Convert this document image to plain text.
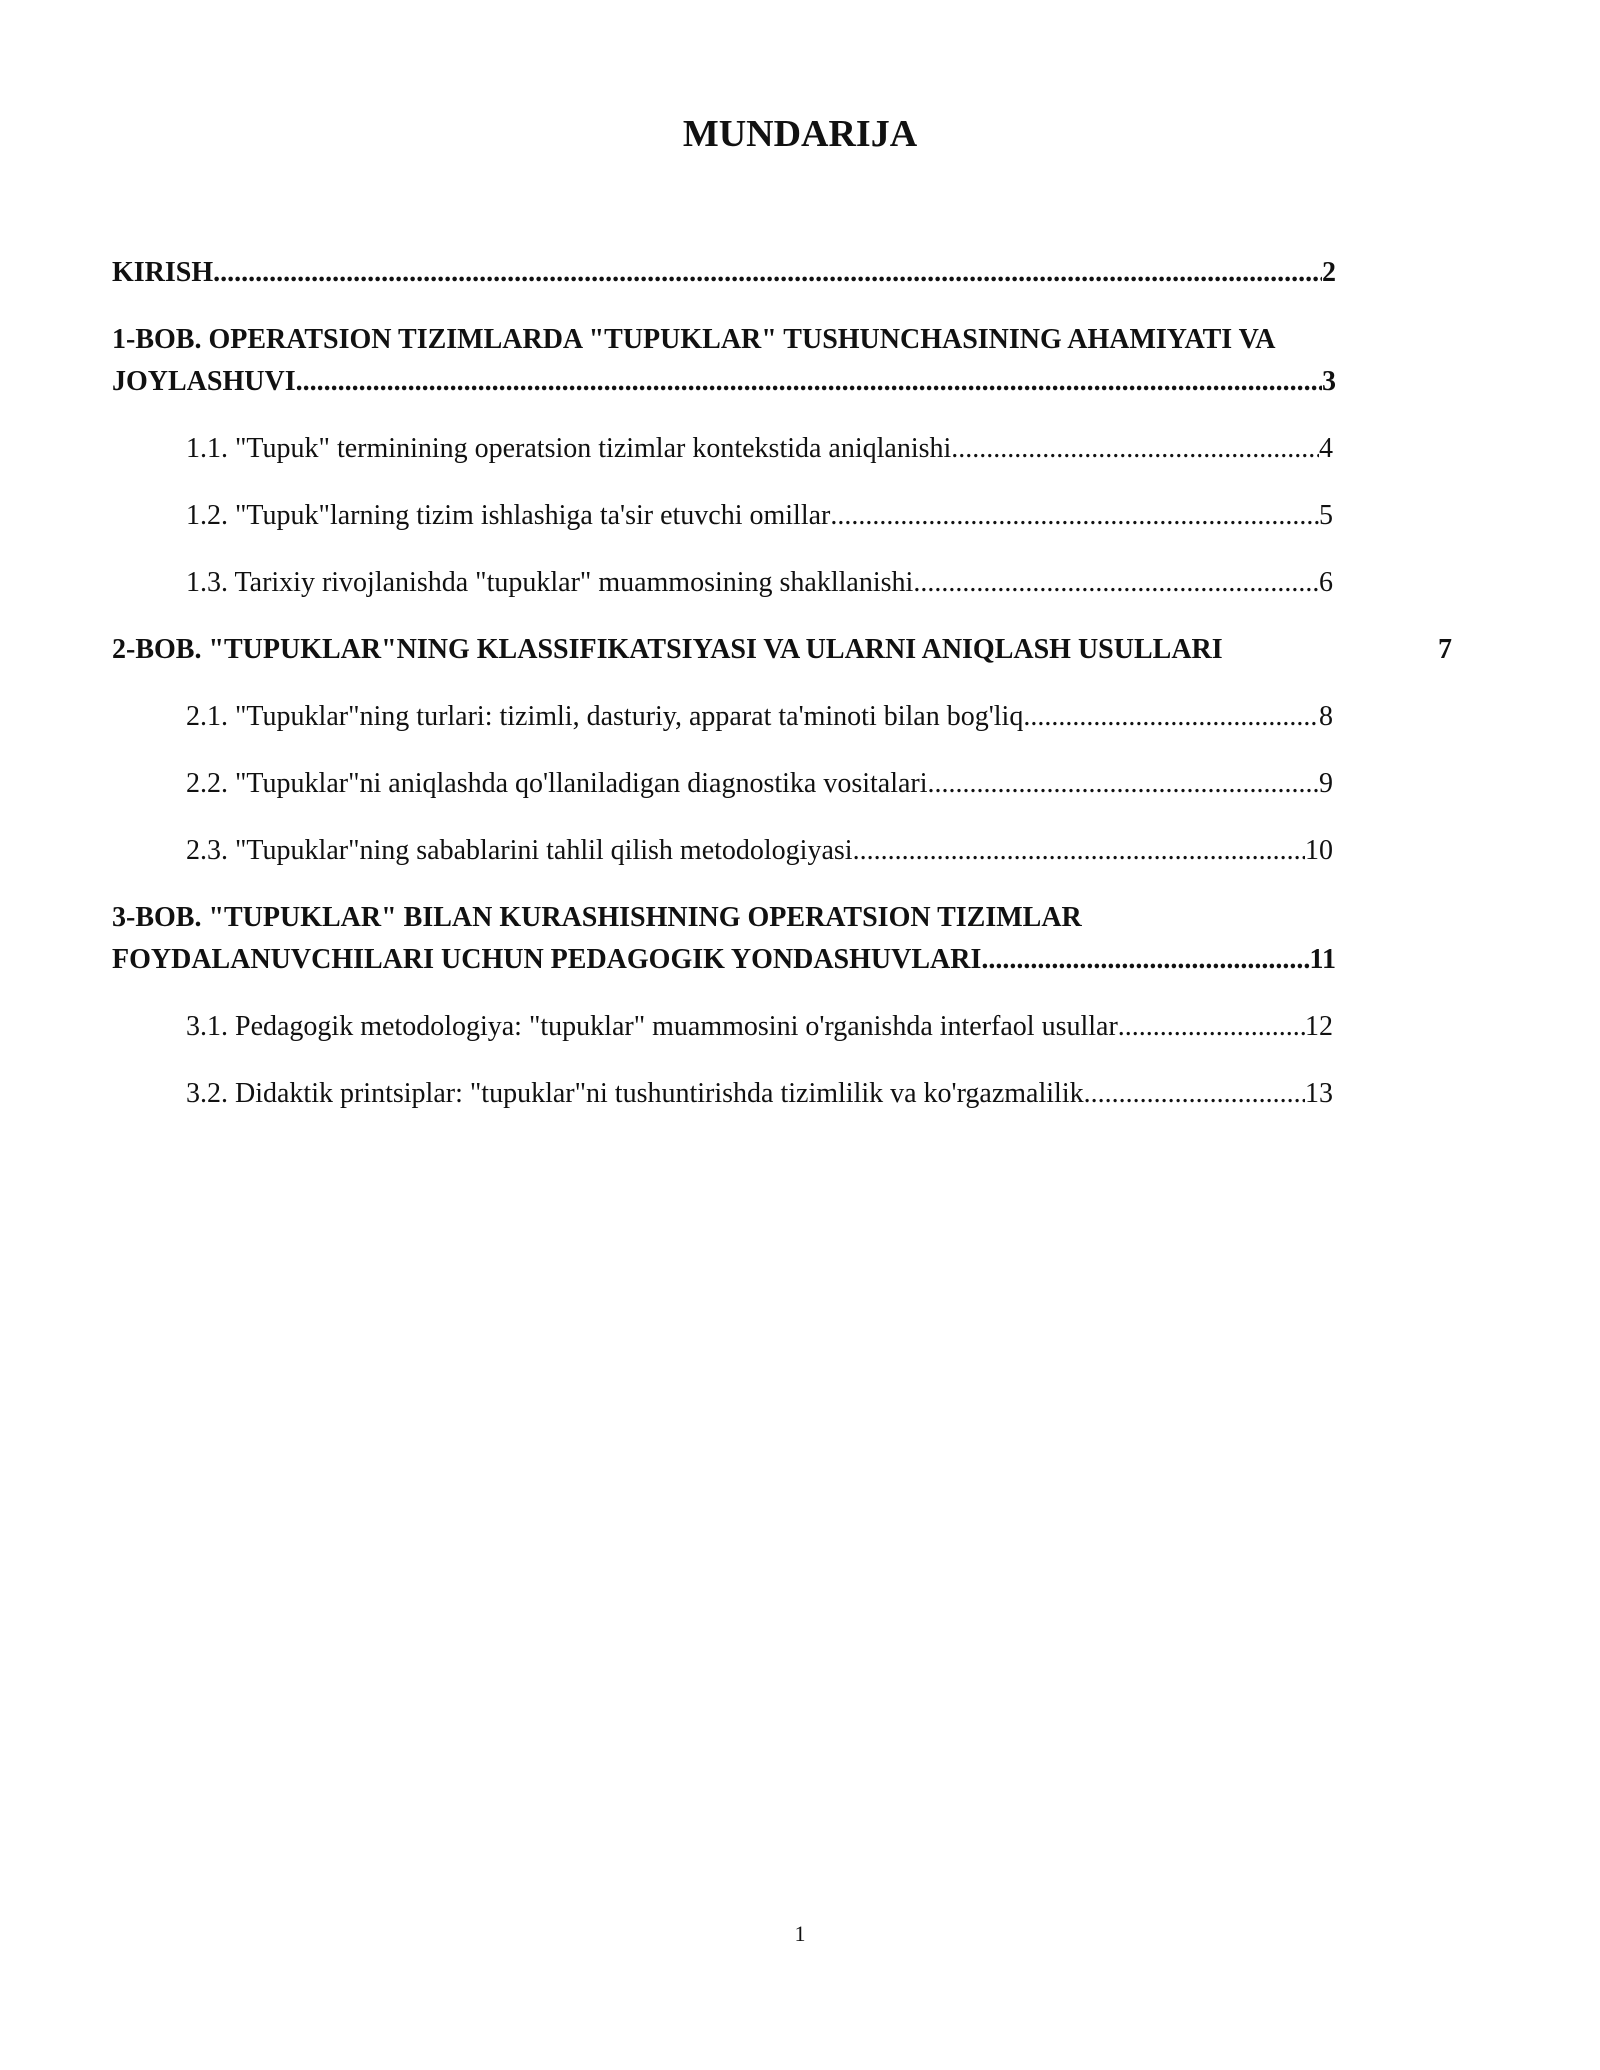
MUNDARIJA
KIRISH .....	2
1-BOB. OPERATSION TIZIMLARDA "TUPUKLAR" TUSHUNCHASINING AHAMIYATI VA
JOYLASHUVI .....	3
1.1. "Tupuk" terminining operatsion tizimlar kontekstida aniqlanishi .....	4
1.2. "Tupuk"larning tizim ishlashiga ta'sir etuvchi omillar .....	5
1.3. Tarixiy rivojlanishda "tupuklar" muammosining shakllanishi .....	6
2-BOB. "TUPUKLAR"NING KLASSIFIKATSIYASI VA ULARNI ANIQLASH USULLARI	7
2.1. "Tupuklar"ning turlari: tizimli, dasturiy, apparat ta'minoti bilan bog'liq .....	8
2.2. "Tupuklar"ni aniqlashda qo'llaniladigan diagnostika vositalari .....	9
2.3. "Tupuklar"ning sabablarini tahlil qilish metodologiyasi .....	10
3-BOB. "TUPUKLAR" BILAN KURASHISHNING OPERATSION TIZIMLAR
FOYDALANUVCHILARI UCHUN PEDAGOGIK YONDASHUVLARI .....	11
3.1. Pedagogik metodologiya: "tupuklar" muammosini o'rganishda interfaol usullar .....	12
3.2. Didaktik printsiplar: "tupuklar"ni tushuntirishda tizimlilik va ko'rgazmalilik .....	13
1
